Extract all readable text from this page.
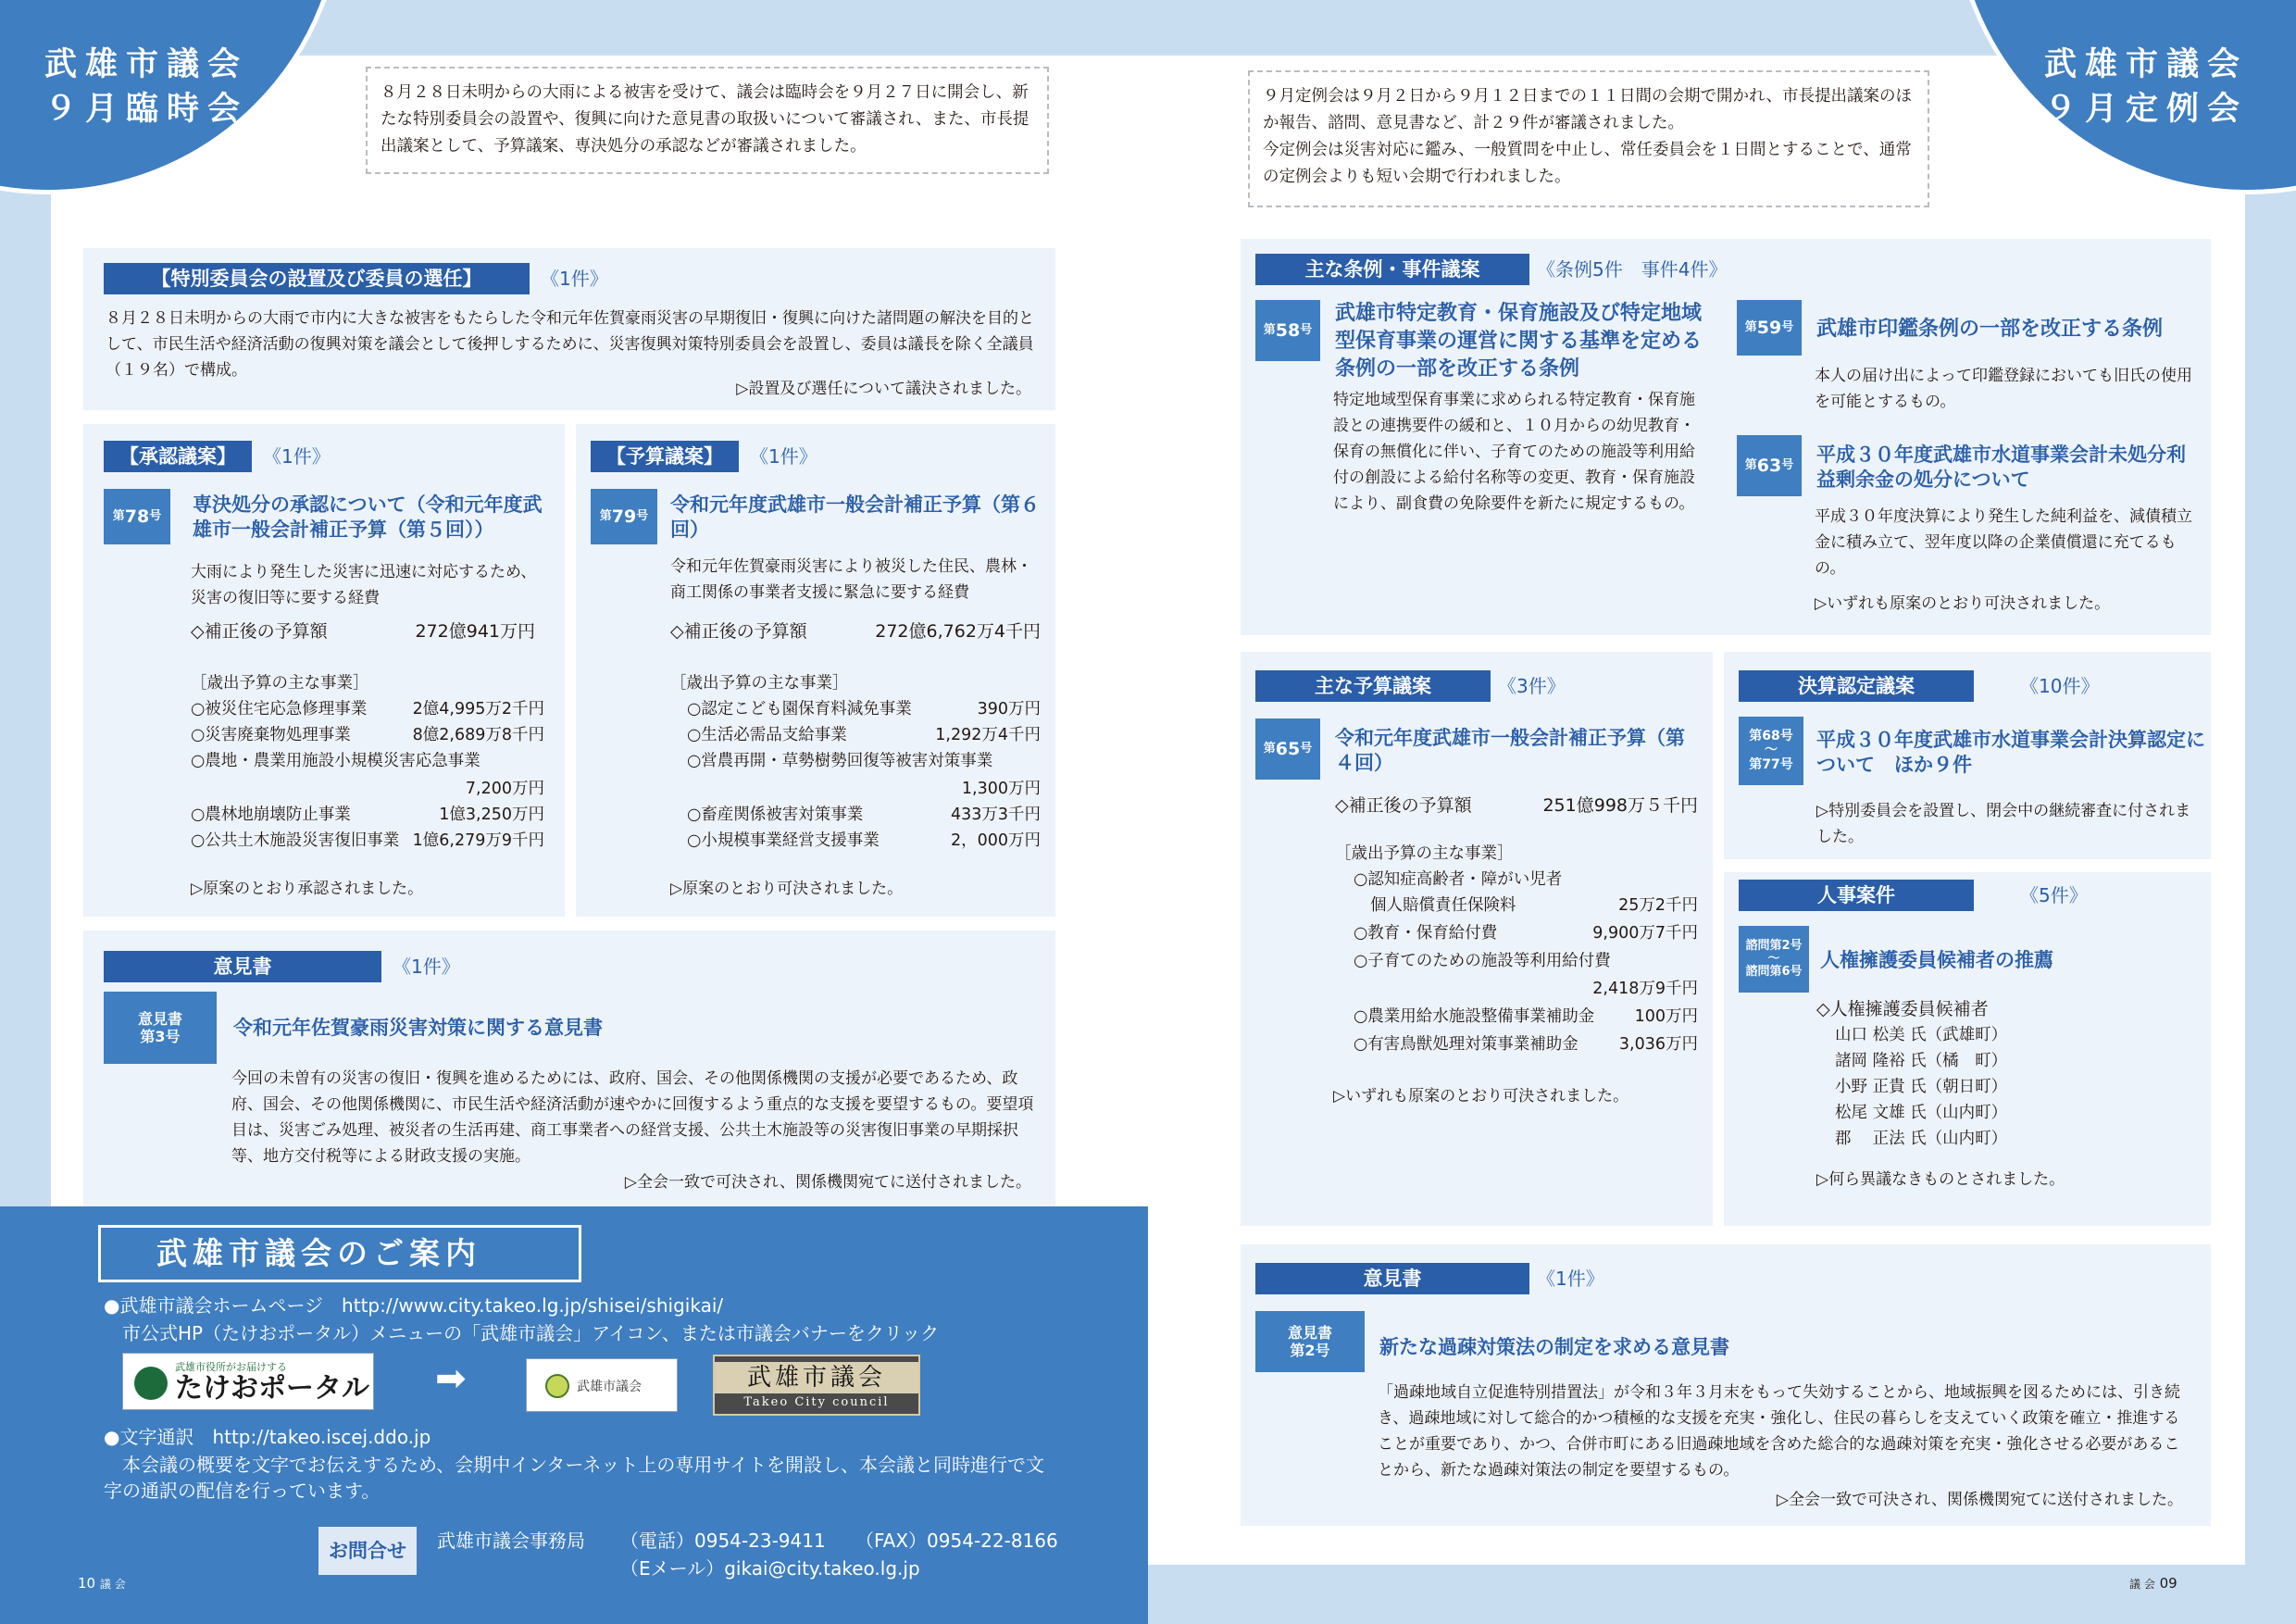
武雄市議会
９月臨時会	８月２８日未明からの大雨による被害を受けて、議会は臨時会を９月２７日に開会し、新たな特別委員会の設置や、復興に向けた意見書の取扱いについて審議され、また、市長提出議案として、予算議案、専決処分の承認などが審議されました。
【特別委員会の設置及び委員の選任】	《1件》
８月２８日未明からの大雨で市内に大きな被害をもたらした令和元年佐賀豪雨災害の早期復旧・復興に向けた諸問題の解決を目的として、市民生活や経済活動の復興対策を議会として後押しするために、災害復興対策特別委員会を設置し、委員は議長を除く全議員（１９名）で構成。
▷設置及び選任について議決されました。
【承認議案】	《1件》
第 78 号
専決処分の承認について（令和元年度武雄市一般会計補正予算（第５回））
大雨により発生した災害に迅速に対応するため、災害の復旧等に要する経費
◇補正後の予算額	272億941万円
［歳出予算の主な事業］
○被災住宅応急修理事業	2億4,995万2千円
○災害廃棄物処理事業	8億2,689万8千円
○農地・農業用施設小規模災害応急事業
7,200万円
○農林地崩壊防止事業	1億3,250万円
○公共土木施設災害復旧事業 1億6,279万9千円
▷原案のとおり承認されました。
【予算議案】	《1件》
第 79 号
令和元年度武雄市一般会計補正予算（第６回）
令和元年佐賀豪雨災害により被災した住民、農林・商工関係の事業者支援に緊急に要する経費
◇補正後の予算額	272億6,762万4千円
［歳出予算の主な事業］
○認定こども園保育料減免事業	390万円
○生活必需品支給事業	1,292万4千円
○営農再開・草勢樹勢回復等被害対策事業
1,300万円
○畜産関係被害対策事業	433万3千円
○小規模事業経営支援事業	2，000万円
▷原案のとおり可決されました。
意見書	《1件》
意見書
第3号	令和元年佐賀豪雨災害対策に関する意見書
今回の未曽有の災害の復旧・復興を進めるためには、政府、国会、その他関係機関の支援が必要であるため、政府、国会、その他関係機関に、市民生活や経済活動が速やかに回復するよう重点的な支援を要望するもの。要望項目は、災害ごみ処理、被災者の生活再建、商工事業者への経営支援、公共土木施設等の災害復旧事業の早期採択等、地方交付税等による財政支援の実施。
▷全会一致で可決され、関係機関宛てに送付されました。
武雄市議会のご案内
●武雄市議会ホームページ　http://www.city.takeo.lg.jp/shisei/shigikai/
　市公式HP（たけおポータル）メニューの「武雄市議会」アイコン、または市議会バナーをクリック
武雄市役所がお届けする
たけおポータル ➡	武雄市議会	武雄市議会
Takeo City council
●文字通訳　http://takeo.iscej.ddo.jp
　本会議の概要を文字でお伝えするため、会期中インターネット上の専用サイトを開設し、本会議と同時進行で文
字の通訳の配信を行っています。
お問合せ	武雄市議会事務局 （電話）0954-23-9411 （FAX）0954-22-8166
（Eメール）gikai@city.takeo.lg.jp
10 議 会
武雄市議会
９月定例会
９月定例会は９月２日から９月１２日までの１１日間の会期で開かれ、市長提出議案のほか報告、諮問、意見書など、計２９件が審議されました。
今定例会は災害対応に鑑み、一般質問を中止し、常任委員会を１日間とすることで、通常の定例会よりも短い会期で行われました。
主な条例・事件議案	《条例5件　事件4件》
第 58 号
武雄市特定教育・保育施設及び特定地域型保育事業の運営に関する基準を定める条例の一部を改正する条例
特定地域型保育事業に求められる特定教育・保育施設との連携要件の緩和と、１０月からの幼児教育・保育の無償化に伴い、子育てのための施設等利用給付の創設による給付名称等の変更、教育・保育施設により、副食費の免除要件を新たに規定するもの。
第 59 号 武雄市印鑑条例の一部を改正する条例
本人の届け出によって印鑑登録においても旧氏の使用を可能とするもの。
第 63 号 平成３０年度武雄市水道事業会計未処分利益剰余金の処分について
平成３０年度決算により発生した純利益を、減債積立金に積み立て、翌年度以降の企業債償還に充てるもの。
▷いずれも原案のとおり可決されました。
主な予算議案	《3件》
第 65 号 令和元年度武雄市一般会計補正予算（第４回）
◇補正後の予算額	251億998万５千円
［歳出予算の主な事業］
○認知症高齢者・障がい児者
個人賠償責任保険料	25万2千円
○教育・保育給付費	9,900万7千円
○子育てのための施設等利用給付費
2,418万9千円
○農業用給水施設整備事業補助金 100万円
○有害鳥獣処理対策事業補助金	3,036万円
▷いずれも原案のとおり可決されました。
決算認定議案	《10件》
第68号
〜
第77号
平成３０年度武雄市水道事業会計決算認定について　ほか９件
▷特別委員会を設置し、閉会中の継続審査に付されました。
人事案件	《5件》
諮問第2号
〜
諮問第6号
人権擁護委員候補者の推薦
◇人権擁護委員候補者
山口 松美 氏（武雄町）
諸岡 隆裕 氏（橘　町）
小野 正貴 氏（朝日町）
松尾 文雄 氏（山内町）
郡　 正法 氏（山内町）
▷何ら異議なきものとされました。
意見書	《1件》
意見書
第2号	新たな過疎対策法の制定を求める意見書
「過疎地域自立促進特別措置法」が令和３年３月末をもって失効することから、地域振興を図るためには、引き続き、過疎地域に対して総合的かつ積極的な支援を充実・強化し、住民の暮らしを支えていく政策を確立・推進することが重要であり、かつ、合併市町にある旧過疎地域を含めた総合的な過疎対策を充実・強化させる必要があることから、新たな過疎対策法の制定を要望するもの。
▷全会一致で可決され、関係機関宛てに送付されました。
議 会 09
